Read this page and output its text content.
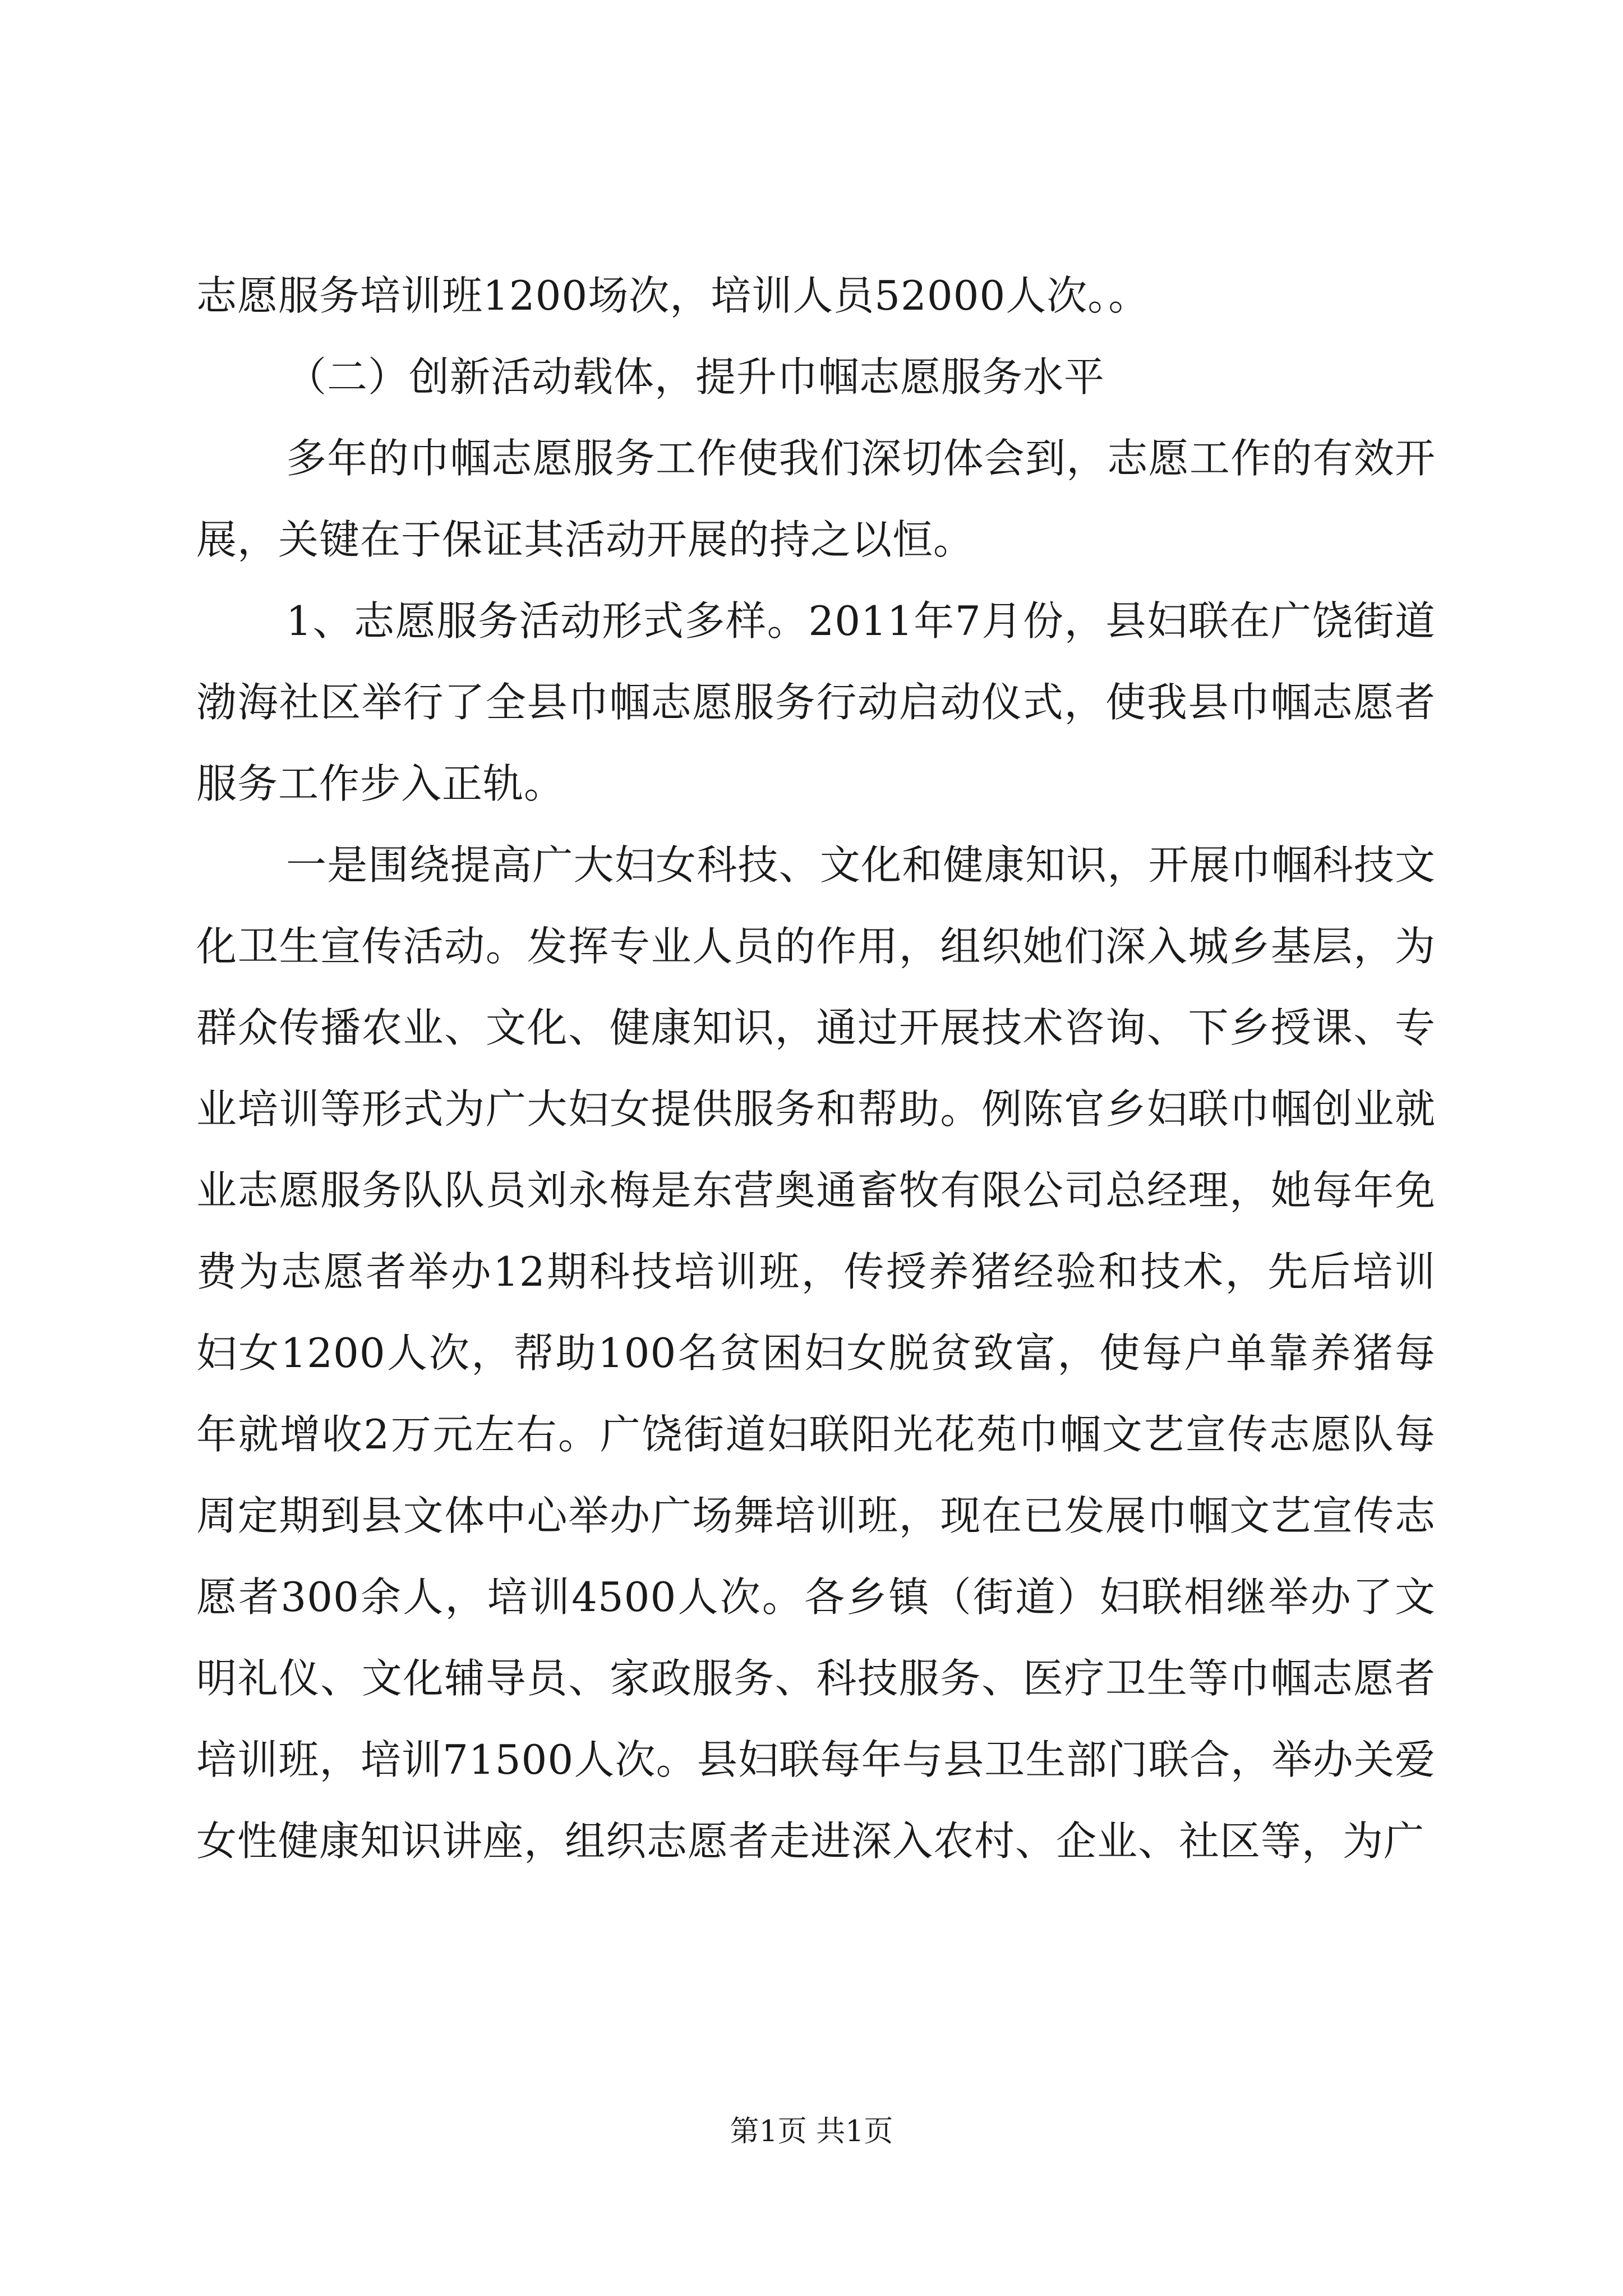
志愿服务培训班1200场次，培训人员52000人次。。

（二）创新活动载体，提升巾帼志愿服务水平

多年的巾帼志愿服务工作使我们深切体会到，志愿工作的有效开展，关键在于保证其活动开展的持之以恒。

1、志愿服务活动形式多样。2011年7月份，县妇联在广饶街道渤海社区举行了全县巾帼志愿服务行动启动仪式，使我县巾帼志愿者服务工作步入正轨。

一是围绕提高广大妇女科技、文化和健康知识，开展巾帼科技文化卫生宣传活动。发挥专业人员的作用，组织她们深入城乡基层，为群众传播农业、文化、健康知识，通过开展技术咨询、下乡授课、专业培训等形式为广大妇女提供服务和帮助。例陈官乡妇联巾帼创业就业志愿服务队队员刘永梅是东营奥通畜牧有限公司总经理，她每年免费为志愿者举办12期科技培训班，传授养猪经验和技术，先后培训妇女1200人次，帮助100名贫困妇女脱贫致富，使每户单靠养猪每年就增收2万元左右。广饶街道妇联阳光花苑巾帼文艺宣传志愿队每周定期到县文体中心举办广场舞培训班，现在已发展巾帼文艺宣传志愿者300余人，培训4500人次。各乡镇（街道）妇联相继举办了文明礼仪、文化辅导员、家政服务、科技服务、医疗卫生等巾帼志愿者培训班，培训71500人次。县妇联每年与县卫生部门联合，举办关爱女性健康知识讲座，组织志愿者走进深入农村、企业、社区等，为广

第1页 共1页
